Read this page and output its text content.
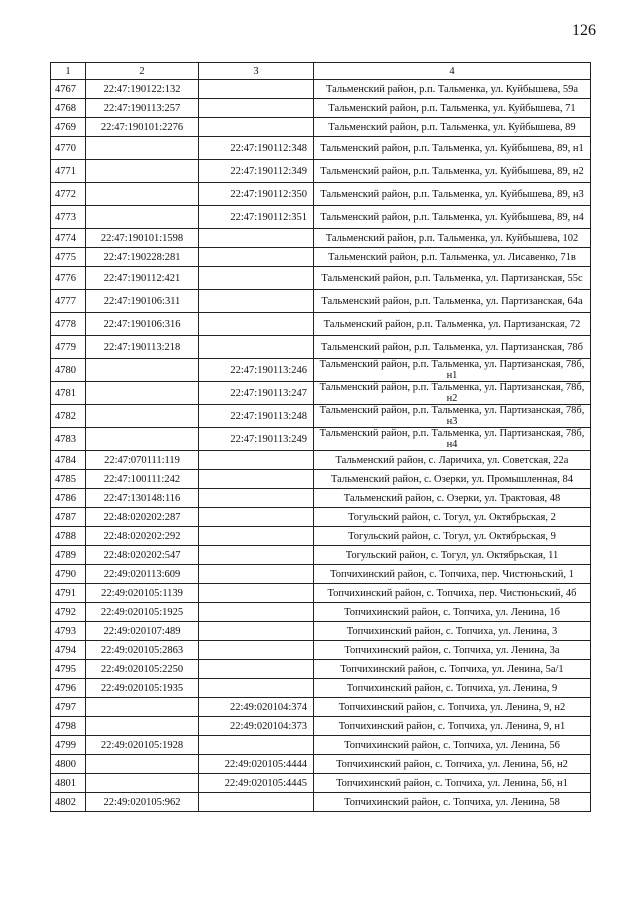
126
1	2	3	4
4767	22:47:190122:132		Тальменский район, р.п. Тальменка, ул. Куйбышева, 59а
4768	22:47:190113:257		Тальменский район, р.п. Тальменка, ул. Куйбышева, 71
4769	22:47:190101:2276		Тальменский район, р.п. Тальменка, ул. Куйбышева, 89
4770		22:47:190112:348	Тальменский район, р.п. Тальменка, ул. Куйбышева, 89, н1
4771		22:47:190112:349	Тальменский район, р.п. Тальменка, ул. Куйбышева, 89, н2
4772		22:47:190112:350	Тальменский район, р.п. Тальменка, ул. Куйбышева, 89, н3
4773		22:47:190112:351	Тальменский район, р.п. Тальменка, ул. Куйбышева, 89, н4
4774	22:47:190101:1598		Тальменский район, р.п. Тальменка, ул. Куйбышева, 102
4775	22:47:190228:281		Тальменский район, р.п. Тальменка, ул. Лисавенко, 71в
4776	22:47:190112:421		Тальменский район, р.п. Тальменка, ул. Партизанская, 55с
4777	22:47:190106:311		Тальменский район, р.п. Тальменка, ул. Партизанская, 64а
4778	22:47:190106:316		Тальменский район, р.п. Тальменка, ул. Партизанская, 72
4779	22:47:190113:218		Тальменский район, р.п. Тальменка, ул. Партизанская, 78б
4780		22:47:190113:246	Тальменский район, р.п. Тальменка, ул. Партизанская, 78б, н1
4781		22:47:190113:247	Тальменский район, р.п. Тальменка, ул. Партизанская, 78б, н2
4782		22:47:190113:248	Тальменский район, р.п. Тальменка, ул. Партизанская, 78б, н3
4783		22:47:190113:249	Тальменский район, р.п. Тальменка, ул. Партизанская, 78б, н4
4784	22:47:070111:119		Тальменский район, с. Ларичиха, ул. Советская, 22а
4785	22:47:100111:242		Тальменский район, с. Озерки, ул. Промышленная, 84
4786	22:47:130148:116		Тальменский район, с. Озерки, ул. Трактовая, 48
4787	22:48:020202:287		Тогульский район, с. Тогул, ул. Октябрьская, 2
4788	22:48:020202:292		Тогульский район, с. Тогул, ул. Октябрьская, 9
4789	22:48:020202:547		Тогульский район, с. Тогул, ул. Октябрьская, 11
4790	22:49:020113:609		Топчихинский район, с. Топчиха, пер. Чистюньский, 1
4791	22:49:020105:1139		Топчихинский район, с. Топчиха, пер. Чистюньский, 4б
4792	22:49:020105:1925		Топчихинский район, с. Топчиха, ул. Ленина, 1б
4793	22:49:020107:489		Топчихинский район, с. Топчиха, ул. Ленина, 3
4794	22:49:020105:2863		Топчихинский район, с. Топчиха, ул. Ленина, 3а
4795	22:49:020105:2250		Топчихинский район, с. Топчиха, ул. Ленина, 5а/1
4796	22:49:020105:1935		Топчихинский район, с. Топчиха, ул. Ленина, 9
4797		22:49:020104:374	Топчихинский район, с. Топчиха, ул. Ленина, 9, н2
4798		22:49:020104:373	Топчихинский район, с. Топчиха, ул. Ленина, 9, н1
4799	22:49:020105:1928		Топчихинский район, с. Топчиха, ул. Ленина, 56
4800		22:49:020105:4444	Топчихинский район, с. Топчиха, ул. Ленина, 56, н2
4801		22:49:020105:4445	Топчихинский район, с. Топчиха, ул. Ленина, 56, н1
4802	22:49:020105:962		Топчихинский район, с. Топчиха, ул. Ленина, 58
